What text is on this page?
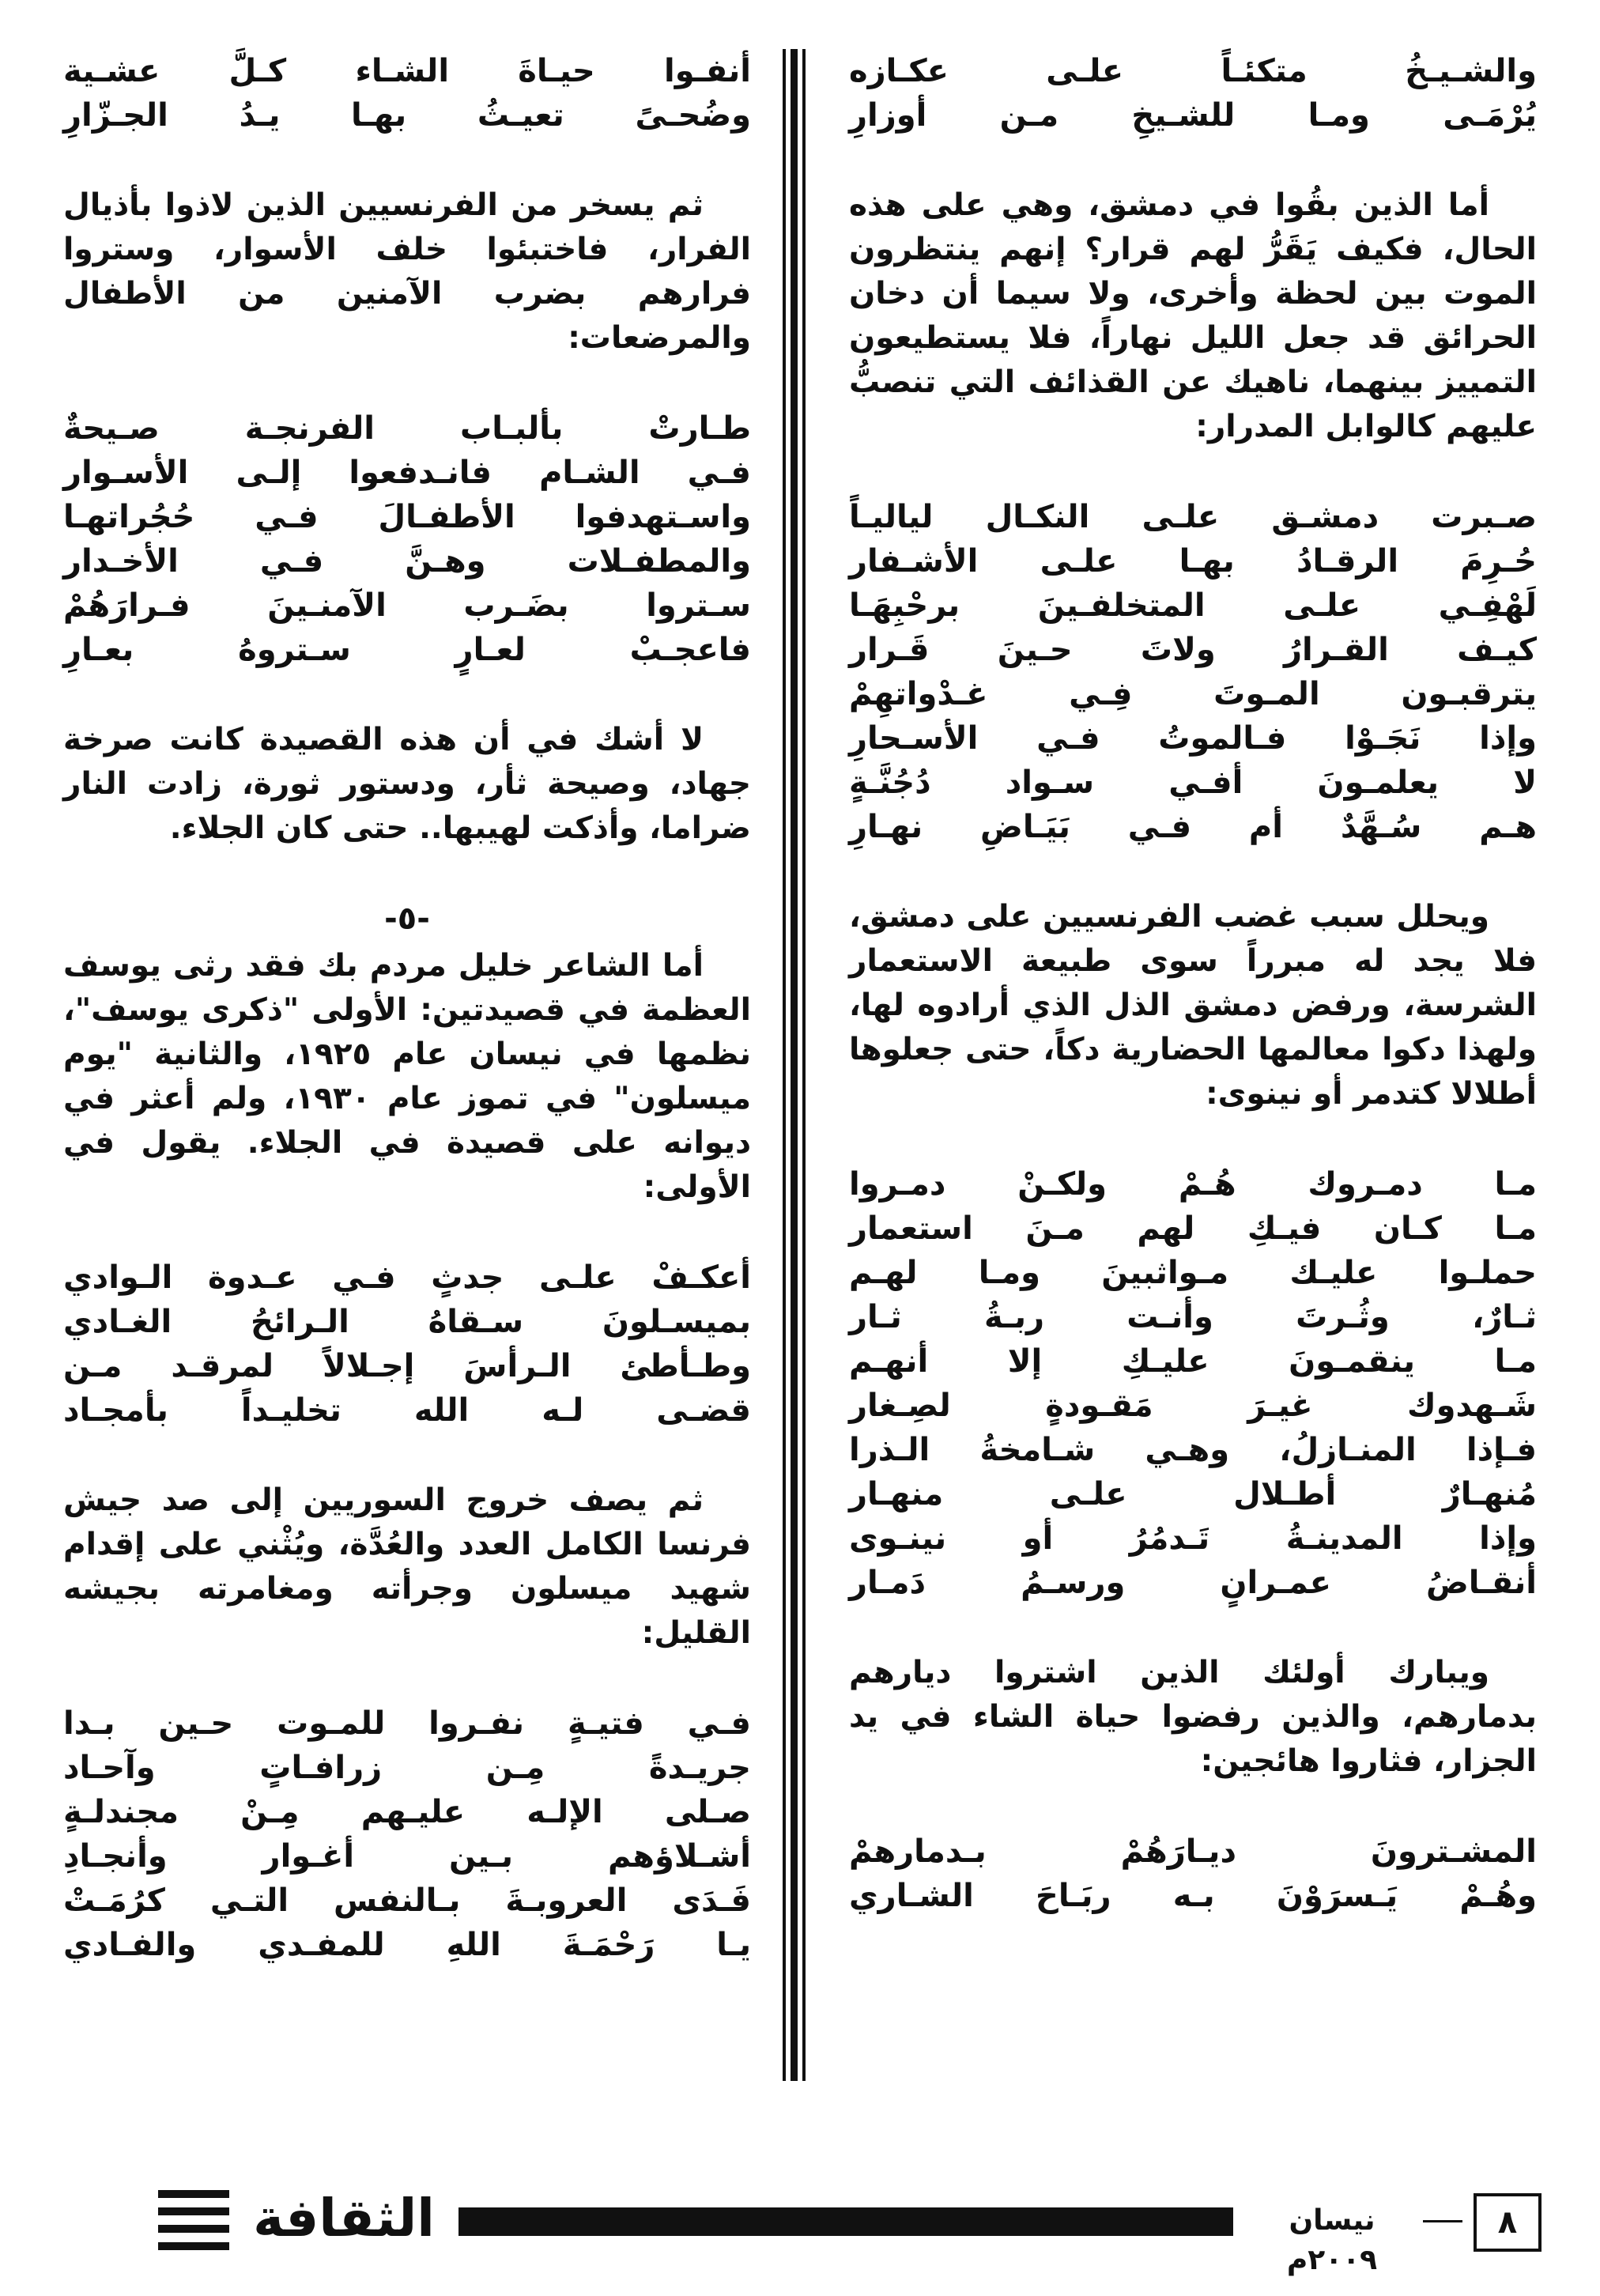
والشـيـخُ متكئـاً علـى عكـازه
يُرْمَـى ومـا للشـيخِ مـن أوزارِ

أما الذين بقُوا في دمشق، وهي على هذه الحال، فكيف يَقَرُّ لهم قرار؟ إنهم ينتظرون الموت بين لحظة وأخرى، ولا سيما أن دخان الحرائق قد جعل الليل نهاراً، فلا يستطيعون التمييز بينهما، ناهيك عن القذائف التي تنصبُّ عليهم كالوابل المدرار:

صـبرت دمشـق علـى النكـال لياليـاً
حُـرِمَ الرقـادُ بهـا علـى الأشـفار
لَهْفِـي علـى المتخلفـينَ برحْبِهَـا
كيـف القـرارُ ولاتَ حـينَ قَـرار
يترقبـون المـوتَ فِـي غـدْواتهِمْ
وإذا نَجَـوْا فـالموتُ فـي الأسـحارِ
لا يعلمـونَ أفـي سـواد دُجُنَّـةٍ
هـم سُـهَّدٌ أم فـي بَيَـاضِ نهـارِ

ويحلل سبب غضب الفرنسيين على دمشق، فلا يجد له مبرراً سوى طبيعة الاستعمار الشرسة، ورفض دمشق الذل الذي أرادوه لها، ولهذا دكوا معالمها الحضارية دكاً، حتى جعلوها أطلالا كتدمر أو نينوى:

مـا دمـروك هُـمْ ولكـنْ دمـروا
مـا كـان فيـكِ لهم مـنَ استعمار
حملـوا عليـك مـواثبينَ ومـا لهـم
ثـارٌ، وثُـرتَ وأنـت ربـةُ ثـار
مـا ينقمـونَ عليـكِ إلا أنهـم
شَـهدوك غيـرَ مَقـودةٍ لصِـغار
فـإذا المنـازلُ، وهـي شـامخةُ الـذرا
مُنهـارٌ أطـلال علـى منهـار
وإذا المدينـةُ تَـدمُرُ أو نينـوى
أنقـاضُ عمـرانٍ ورسـمُ دَمـار

ويبارك أولئك الذين اشتروا ديارهم بدمارهم، والذين رفضوا حياة الشاء في يد الجزار، فثاروا هائجين:

المشـترونَ ديـارَهُمْ بـدمارهمْ
وهُـمْ يَـسرَوْنَ بـه ربَـاحَ الشـاري
أنفـوا حيـاةَ الشـاء كـلَّ عشـية
وضُحـىً تعيـثُ بهـا يـدُ الجـزّارِ

ثم يسخر من الفرنسيين الذين لاذوا بأذيال الفرار، فاختبئوا خلف الأسوار، وستروا فرارهم بضرب الآمنين من الأطفال والمرضعات:

طـارتْ بألبـاب الفرنجـة صـيحةٌ
فـي الشـام فانـدفعوا إلـى الأسـوار
واسـتهدفوا الأطفـالَ فـي حُجُراتهـا
والمطفـلات وهـنَّ فـي الأخـدار
سـتروا بضَـرب الآمنـينَ فـرارَهُمْ
فاعجـبْ لعـارٍ سـتروهُ بعـارِ

لا أشك في أن هذه القصيدة كانت صرخة جهاد، وصيحة ثأر، ودستور ثورة، زادت النار ضراما، وأذكت لهيبها.. حتى كان الجلاء.

-٥-

أما الشاعر خليل مردم بك فقد رثى يوسف العظمة في قصيدتين: الأولى "ذكرى يوسف"، نظمها في نيسان عام ١٩٢٥، والثانية "يوم ميسلون" في تموز عام ١٩٣٠، ولم أعثر في ديوانه على قصيدة في الجلاء. يقول في الأولى:

أعكـفْ علـى جدثٍ فـي عـدوة الـوادي
بميسـلونَ سـقاهُ الـرائحُ الغـادي
وطـأطئ الـرأسَ إجـلالاً لمرقـد مـن
قضـى لـه الله تخليـداً بأمجـاد

ثم يصف خروج السوريين إلى صد جيش فرنسا الكامل العدد والعُدَّة، ويُثْني على إقدام شهيد ميسلون وجرأته ومغامرته بجيشه القليل:

فـي فتيـةٍ نفـروا للمـوت حـين بـدا
جريـدةً مِـن زرافـاتٍ وآحـاد
صـلى الإلـه عليـهم مِـنْ مجندلـةٍ
أشـلاؤهم بـين أغـوار وأنجـادِ
فَـدَى العروبـةَ بـالنفس التـي كرُمَـتْ
يـا رَحْمَـةَ اللهِ للمفـدي والفـادي
الثقافة	نيسان ٢٠٠٩م
٨
